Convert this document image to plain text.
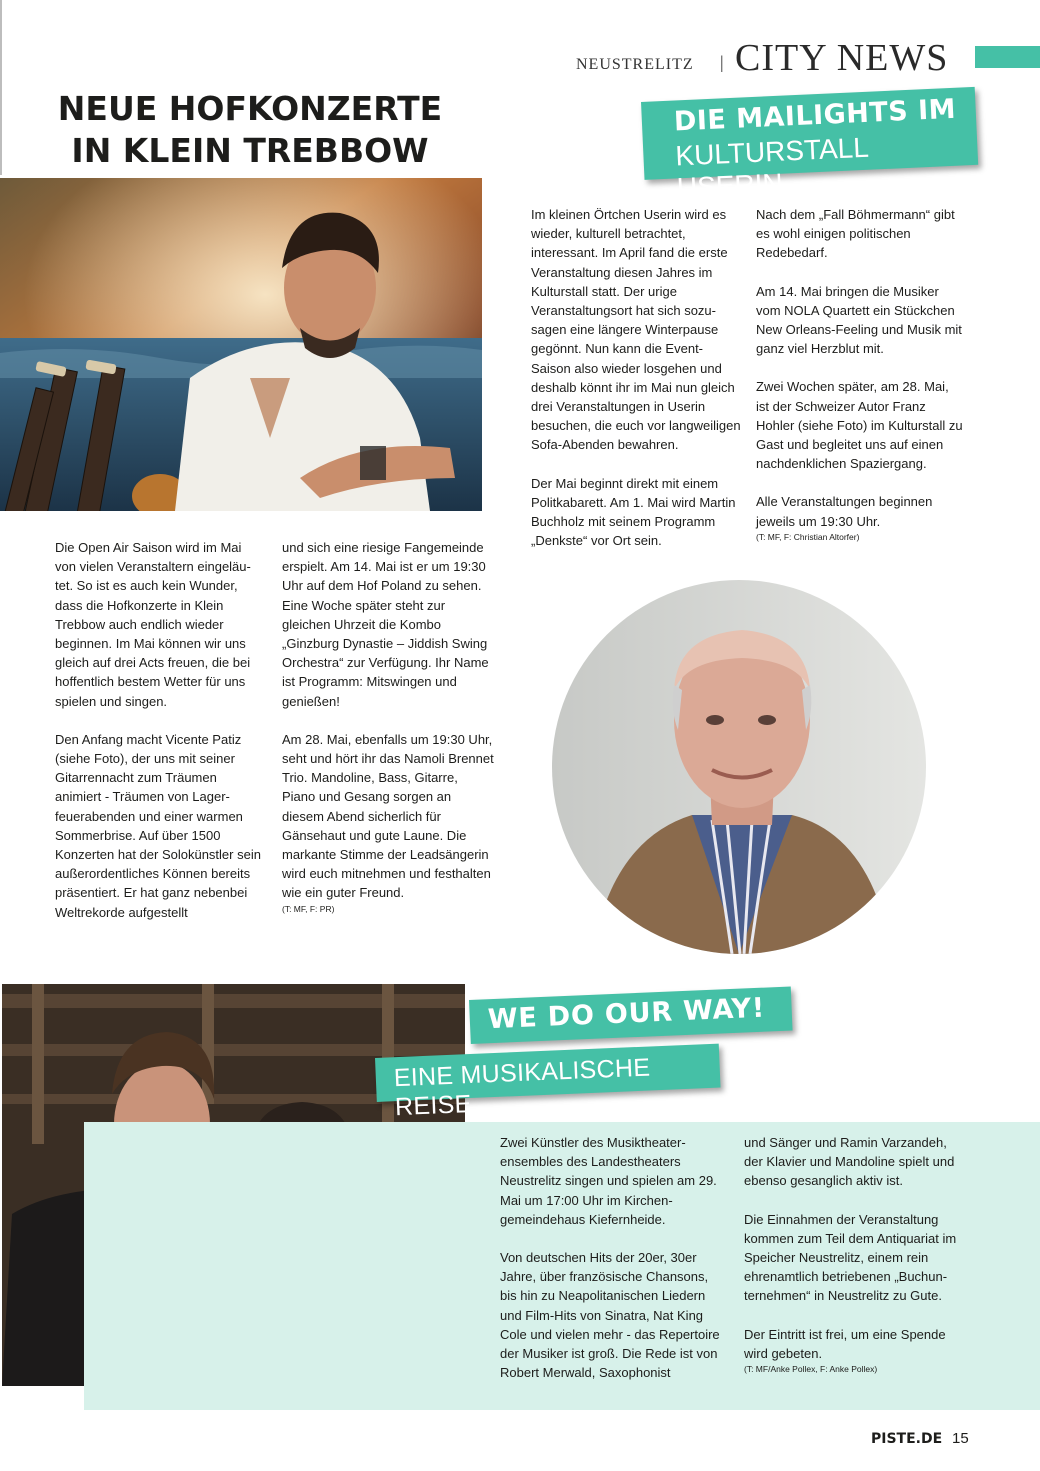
NEUSTRELITZ | CITY NEWS
NEUE HOFKONZERTE
IN KLEIN TREBBOW

Die Open Air Saison wird im Mai von vielen Veranstaltern eingeläutet. So ist es auch kein Wunder, dass die Hofkonzerte in Klein Trebbow auch endlich wieder beginnen. Im Mai können wir uns gleich auf drei Acts freuen, die bei hoffentlich bestem Wetter für uns spielen und singen.

Den Anfang macht Vicente Patiz (siehe Foto), der uns mit seiner Gitarrennacht zum Träumen animiert - Träumen von Lagerfeuerabenden und einer warmen Sommerbrise. Auf über 1500 Konzerten hat der Solokünstler sein außerordentliches Können bereits präsentiert. Er hat ganz nebenbei Weltrekorde aufgestellt

und sich eine riesige Fangemeinde erspielt. Am 14. Mai ist er um 19:30 Uhr auf dem Hof Poland zu sehen. Eine Woche später steht zur gleichen Uhrzeit die Kombo „Ginzburg Dynastie – Jiddish Swing Orchestra“ zur Verfügung. Ihr Name ist Programm: Mitswingen und genießen!

Am 28. Mai, ebenfalls um 19:30 Uhr, seht und hört ihr das Namoli Brennet Trio. Mandoline, Bass, Gitarre, Piano und Gesang sorgen an diesem Abend sicherlich für Gänsehaut und gute Laune. Die markante Stimme der Leadsängerin wird euch mitnehmen und festhalten wie ein guter Freund.

(T: MF, F: PR)
DIE MAILIGHTS IM
KULTURSTALL USERIN

Im kleinen Örtchen Userin wird es wieder, kulturell betrachtet, interessant. Im April fand die erste Veranstaltung diesen Jahres im Kulturstall statt. Der urige Veranstaltungsort hat sich sozusagen eine längere Winterpause gegönnt. Nun kann die Event-Saison also wieder losgehen und deshalb könnt ihr im Mai nun gleich drei Veranstaltungen in Userin besuchen, die euch vor langweiligen Sofa-Abenden bewahren.

Der Mai beginnt direkt mit einem Politkabarett. Am 1. Mai wird Martin Buchholz mit seinem Programm „Denkste“ vor Ort sein.

Nach dem „Fall Böhmermann“ gibt es wohl einigen politischen Redebedarf.

Am 14. Mai bringen die Musiker vom NOLA Quartett ein Stückchen New Orleans-Feeling und Musik mit ganz viel Herzblut mit.

Zwei Wochen später, am 28. Mai, ist der Schweizer Autor Franz Hohler (siehe Foto) im Kulturstall zu Gast und begleitet uns auf einen nachdenklichen Spaziergang.

Alle Veranstaltungen beginnen jeweils um 19:30 Uhr.

(T: MF, F: Christian Altorfer)
WE DO OUR WAY!
EINE MUSIKALISCHE REISE

Zwei Künstler des Musiktheaterensembles des Landestheaters Neustrelitz singen und spielen am 29. Mai um 17:00 Uhr im Kirchengemeindehaus Kiefernheide.

Von deutschen Hits der 20er, 30er Jahre, über französische Chansons, bis hin zu Neapolitanischen Liedern und Film-Hits von Sinatra, Nat King Cole und vielen mehr - das Repertoire der Musiker ist groß. Die Rede ist von Robert Merwald, Saxophonist

und Sänger und Ramin Varzandeh, der Klavier und Mandoline spielt und ebenso gesanglich aktiv ist.

Die Einnahmen der Veranstaltung kommen zum Teil dem Antiquariat im Speicher Neustrelitz, einem rein ehrenamtlich betriebenen „Buchunternehmen“ in Neustrelitz zu Gute.

Der Eintritt ist frei, um eine Spende wird gebeten.

(T: MF/Anke Pollex, F: Anke Pollex)
PISTE.DE 15
